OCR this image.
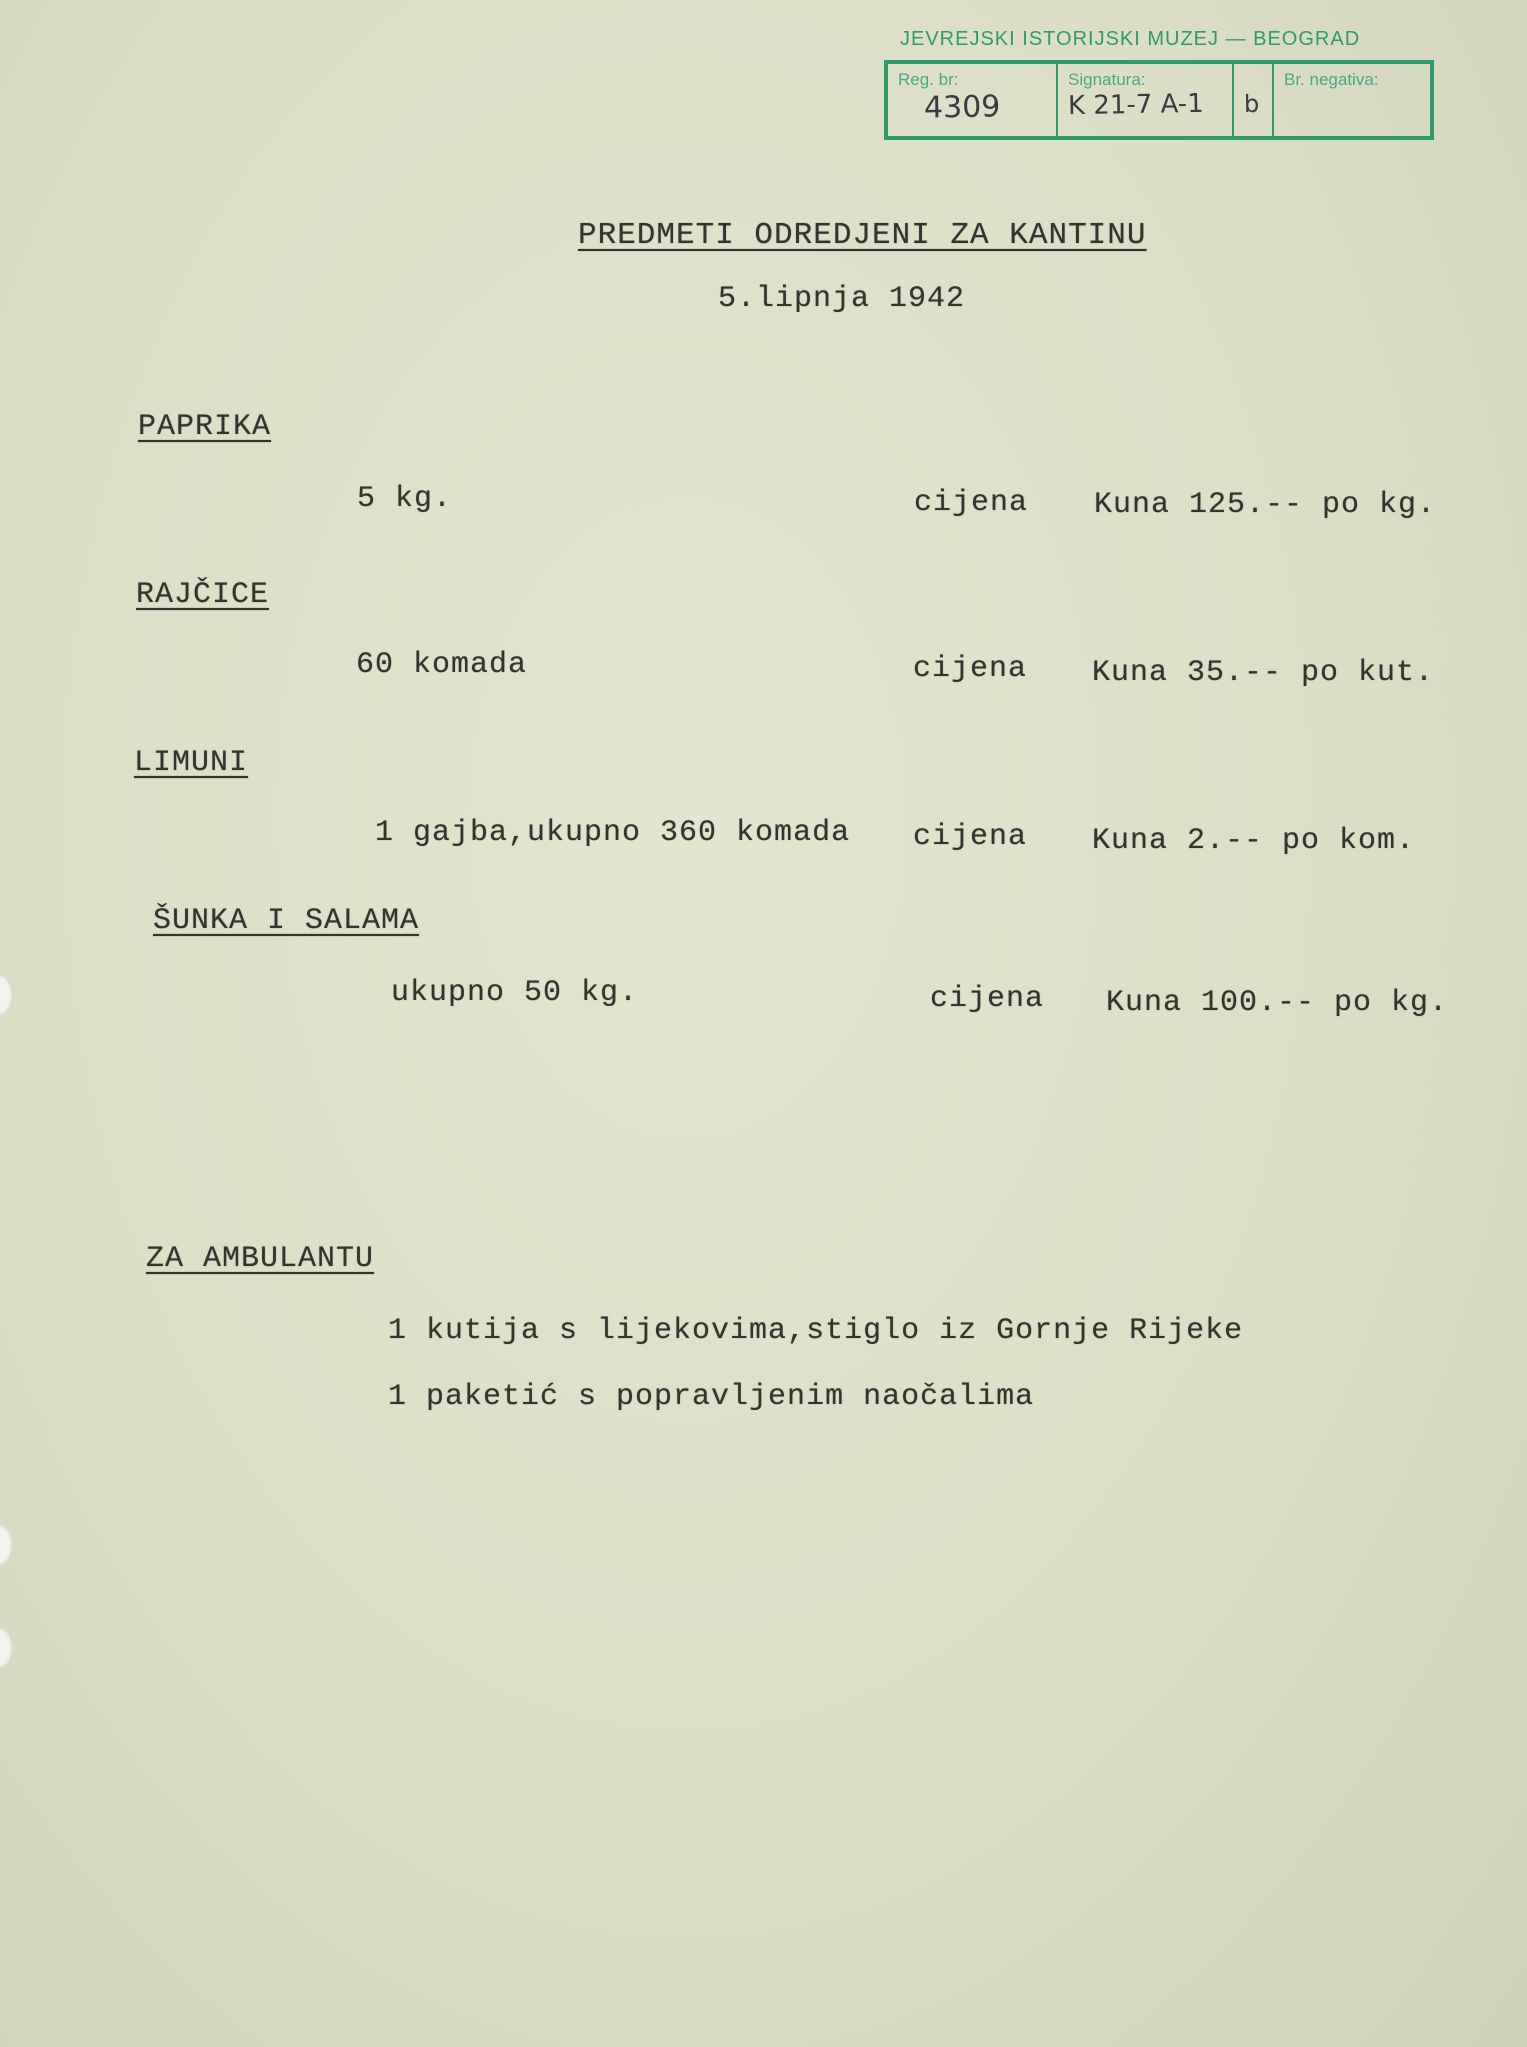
JEVREJSKI ISTORIJSKI MUZEJ — BEOGRAD
Reg. br:
4309
Signatura:
K 21-7 A-1 b
Br. negativa:
PREDMETI ODREDJENI ZA KANTINU
5.lipnja 1942
PAPRIKA
5 kg.	cijena Kuna 125.-- po kg.
RAJČICE
60 komada	cijena Kuna 35.-- po kut.
LIMUNI
1 gajba,ukupno 360 komada cijena Kuna 2.-- po kom.
ŠUNKA I SALAMA
ukupno 50 kg.	cijena Kuna 100.-- po kg.
ZA AMBULANTU
1 kutija s lijekovima,stiglo iz Gornje Rijeke
1 paketić s popravljenim naočalima
